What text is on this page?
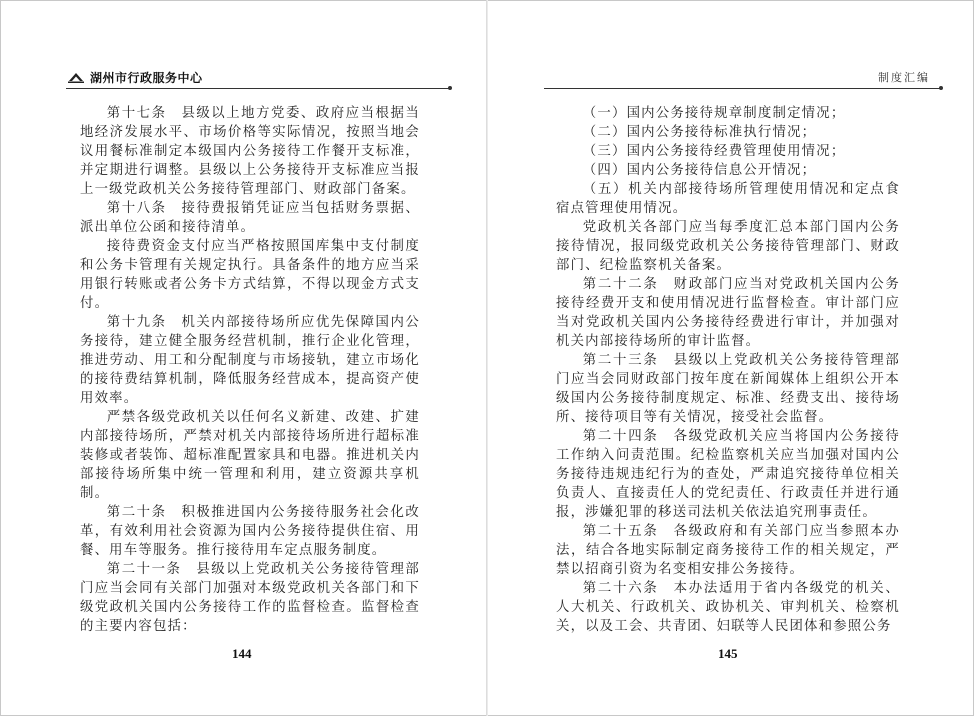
湖州市行政服务中心

第十七条　县级以上地方党委、政府应当根据当地经济发展水平、市场价格等实际情况，按照当地会议用餐标准制定本级国内公务接待工作餐开支标准，并定期进行调整。县级以上公务接待开支标准应当报上一级党政机关公务接待管理部门、财政部门备案。

第十八条　接待费报销凭证应当包括财务票据、派出单位公函和接待清单。

接待费资金支付应当严格按照国库集中支付制度和公务卡管理有关规定执行。具备条件的地方应当采用银行转账或者公务卡方式结算，不得以现金方式支付。

第十九条　机关内部接待场所应优先保障国内公务接待，建立健全服务经营机制，推行企业化管理，推进劳动、用工和分配制度与市场接轨，建立市场化的接待费结算机制，降低服务经营成本，提高资产使用效率。

严禁各级党政机关以任何名义新建、改建、扩建内部接待场所，严禁对机关内部接待场所进行超标准装修或者装饰、超标准配置家具和电器。推进机关内部接待场所集中统一管理和利用，建立资源共享机制。

第二十条　积极推进国内公务接待服务社会化改革，有效利用社会资源为国内公务接待提供住宿、用餐、用车等服务。推行接待用车定点服务制度。

第二十一条　县级以上党政机关公务接待管理部门应当会同有关部门加强对本级党政机关各部门和下级党政机关国内公务接待工作的监督检查。监督检查的主要内容包括：

144
制度汇编

（一）国内公务接待规章制度制定情况；

（二）国内公务接待标准执行情况；

（三）国内公务接待经费管理使用情况；

（四）国内公务接待信息公开情况；

（五）机关内部接待场所管理使用情况和定点食宿点管理使用情况。

党政机关各部门应当每季度汇总本部门国内公务接待情况，报同级党政机关公务接待管理部门、财政部门、纪检监察机关备案。

第二十二条　财政部门应当对党政机关国内公务接待经费开支和使用情况进行监督检查。审计部门应当对党政机关国内公务接待经费进行审计，并加强对机关内部接待场所的审计监督。

第二十三条　县级以上党政机关公务接待管理部门应当会同财政部门按年度在新闻媒体上组织公开本级国内公务接待制度规定、标准、经费支出、接待场所、接待项目等有关情况，接受社会监督。

第二十四条　各级党政机关应当将国内公务接待工作纳入问责范围。纪检监察机关应当加强对国内公务接待违规违纪行为的查处，严肃追究接待单位相关负责人、直接责任人的党纪责任、行政责任并进行通报，涉嫌犯罪的移送司法机关依法追究刑事责任。

第二十五条　各级政府和有关部门应当参照本办法，结合各地实际制定商务接待工作的相关规定，严禁以招商引资为名变相安排公务接待。

第二十六条　本办法适用于省内各级党的机关、人大机关、行政机关、政协机关、审判机关、检察机关，以及工会、共青团、妇联等人民团体和参照公务

145
